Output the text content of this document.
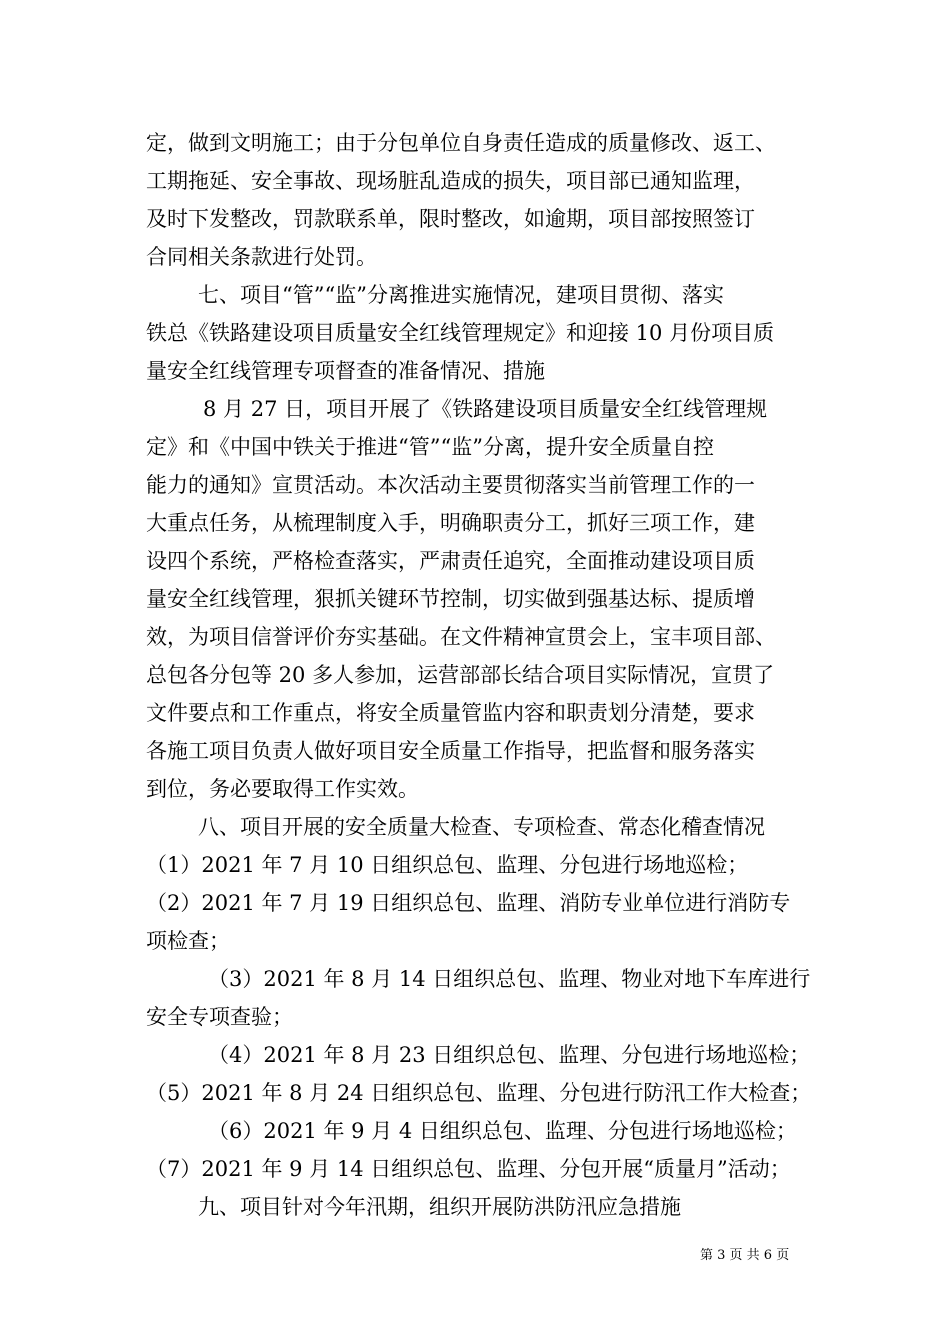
定，做到文明施工；由于分包单位自身责任造成的质量修改、返工、
工期拖延、安全事故、现场脏乱造成的损失，项目部已通知监理，
及时下发整改，罚款联系单，限时整改，如逾期，项目部按照签订
合同相关条款进行处罚。
七、项目“管”“监”分离推进实施情况，建项目贯彻、落实
铁总《铁路建设项目质量安全红线管理规定》和迎接 10 月份项目质
量安全红线管理专项督查的准备情况、措施
8 月 27 日，项目开展了《铁路建设项目质量安全红线管理规
定》和《中国中铁关于推进“管”“监”分离，提升安全质量自控
能力的通知》宣贯活动。本次活动主要贯彻落实当前管理工作的一
大重点任务，从梳理制度入手，明确职责分工，抓好三项工作，建
设四个系统，严格检查落实，严肃责任追究，全面推动建设项目质
量安全红线管理，狠抓关键环节控制，切实做到强基达标、提质增
效，为项目信誉评价夯实基础。在文件精神宣贯会上，宝丰项目部、
总包各分包等 20 多人参加，运营部部长结合项目实际情况，宣贯了
文件要点和工作重点，将安全质量管监内容和职责划分清楚，要求
各施工项目负责人做好项目安全质量工作指导，把监督和服务落实
到位，务必要取得工作实效。
八、项目开展的安全质量大检查、专项检查、常态化稽查情况
（1）2021 年 7 月 10 日组织总包、监理、分包进行场地巡检；
（2）2021 年 7 月 19 日组织总包、监理、消防专业单位进行消防专
项检查；
（3）2021 年 8 月 14 日组织总包、监理、物业对地下车库进行
安全专项查验；
（4）2021 年 8 月 23 日组织总包、监理、分包进行场地巡检；
（5）2021 年 8 月 24 日组织总包、监理、分包进行防汛工作大检查；
（6）2021 年 9 月 4 日组织总包、监理、分包进行场地巡检；
（7）2021 年 9 月 14 日组织总包、监理、分包开展“质量月”活动；
九、项目针对今年汛期，组织开展防洪防汛应急措施
第 3 页 共 6 页
